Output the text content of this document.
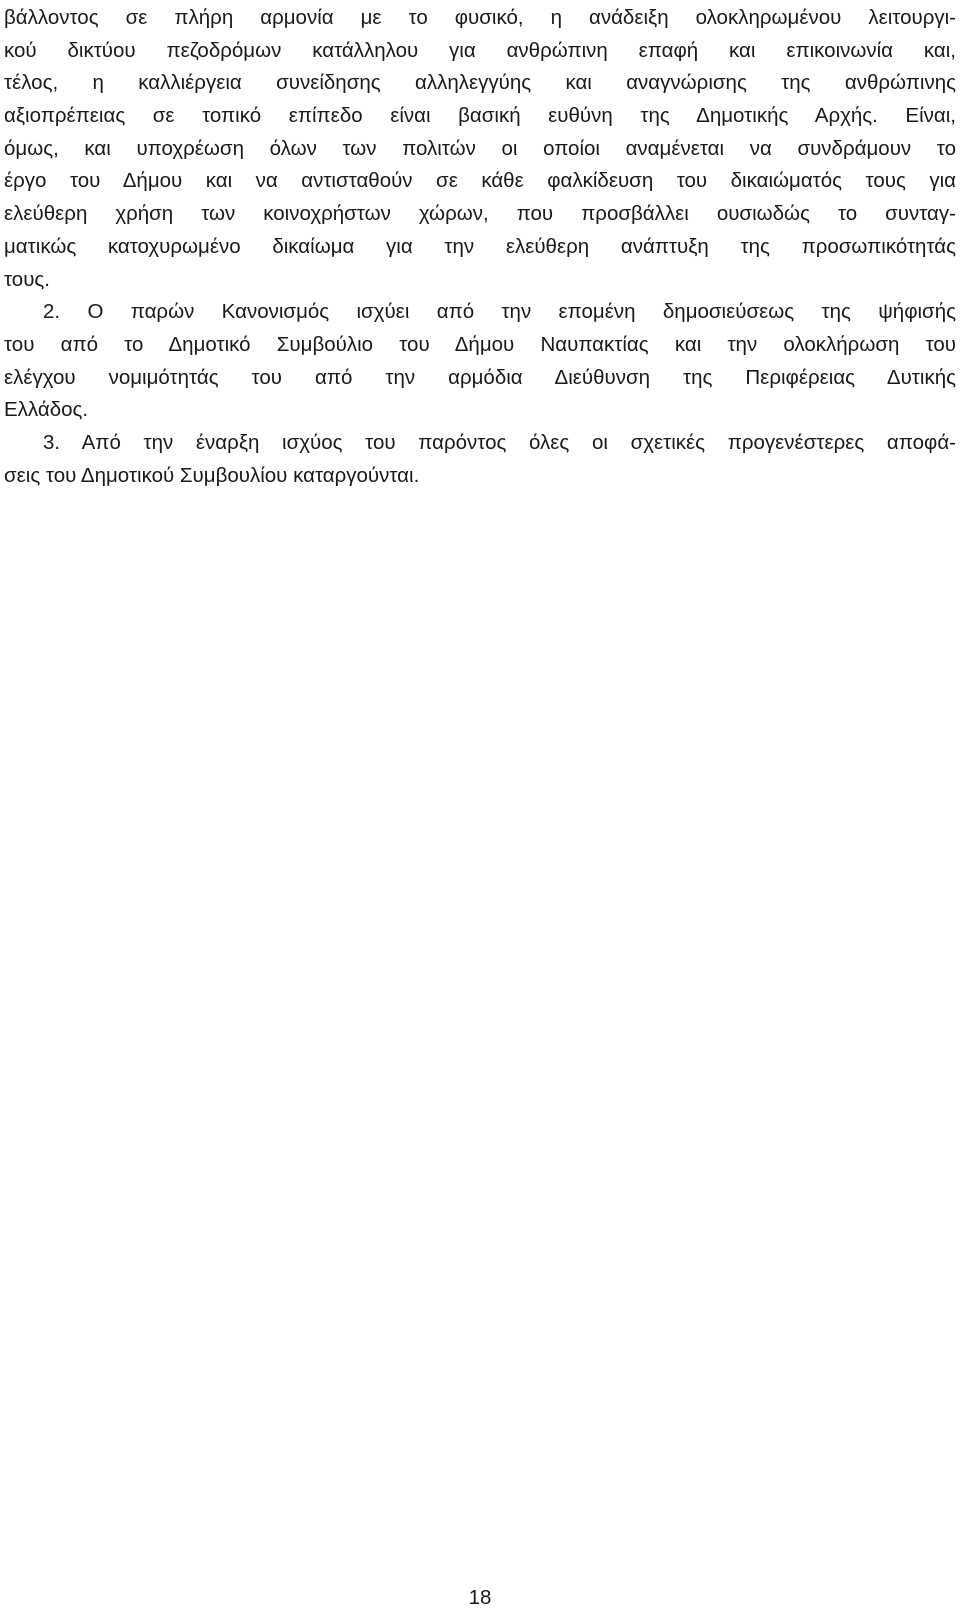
βάλλοντος σε πλήρη αρμονία με το φυσικό, η ανάδειξη ολοκληρωμένου λειτουργι-
κού δικτύου πεζοδρόμων κατάλληλου για ανθρώπινη επαφή και επικοινωνία και,
τέλος, η καλλιέργεια συνείδησης αλληλεγγύης και αναγνώρισης της ανθρώπινης
αξιοπρέπειας σε τοπικό επίπεδο είναι βασική ευθύνη της Δημοτικής Αρχής. Είναι,
όμως, και υποχρέωση όλων των πολιτών οι οποίοι αναμένεται να συνδράμουν το
έργο του Δήμου και να αντισταθούν σε κάθε φαλκίδευση του δικαιώματός τους για
ελεύθερη χρήση των κοινοχρήστων χώρων, που προσβάλλει ουσιωδώς το συνταγ-
ματικώς κατοχυρωμένο δικαίωμα για την ελεύθερη ανάπτυξη της προσωπικότητάς
τους.
2. Ο παρών Κανονισμός ισχύει από την επομένη δημοσιεύσεως της ψήφισής
του από το Δημοτικό Συμβούλιο του Δήμου Ναυπακτίας και την ολοκλήρωση του
ελέγχου νομιμότητάς του από την αρμόδια Διεύθυνση της Περιφέρειας Δυτικής
Ελλάδος.
3. Από την έναρξη ισχύος του παρόντος όλες οι σχετικές προγενέστερες αποφά-
σεις του Δημοτικού Συμβουλίου καταργούνται.
18
